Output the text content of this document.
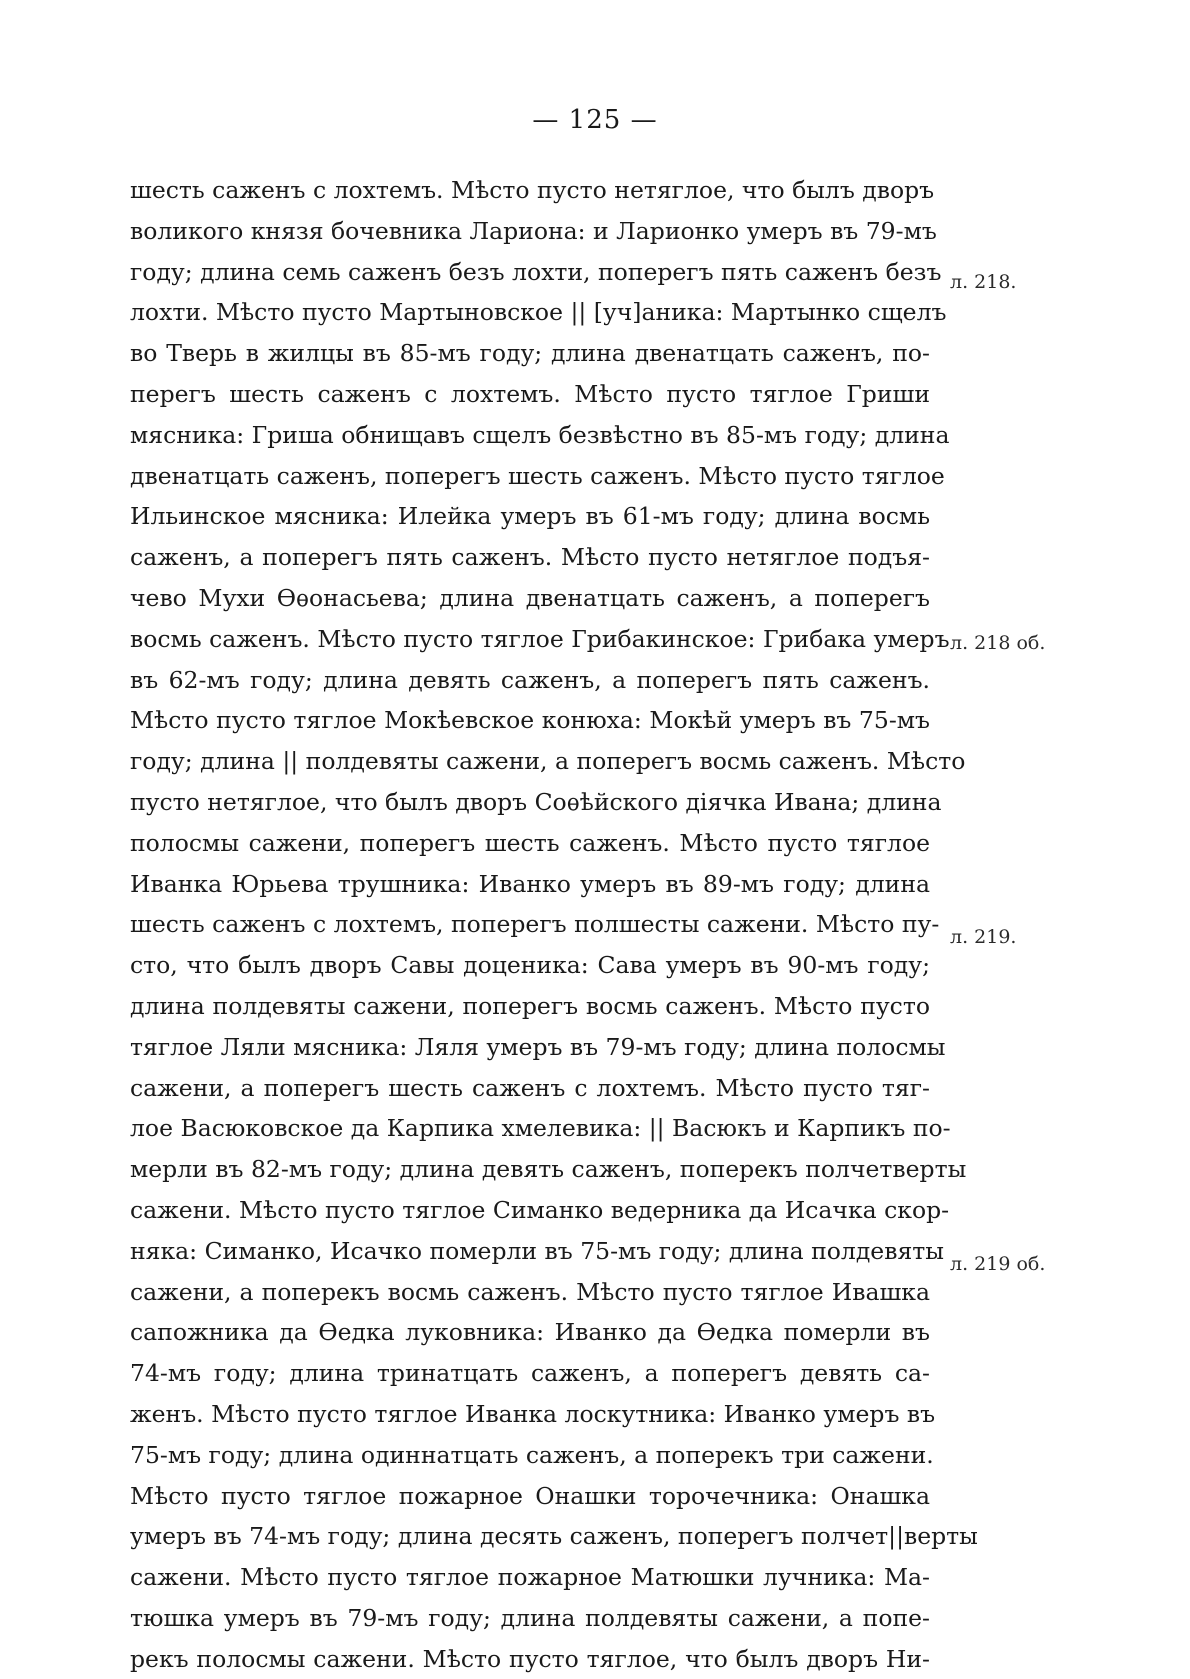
— 125 —
шесть саженъ с лохтемъ. Мѣсто пусто нетяглое, что былъ дворъ
воликого князя бочевника Лариона: и Ларионко умеръ въ 79-мъ
году; длина семь саженъ безъ лохти, поперегъ пять саженъ безъ
лохти. Мѣсто пусто Мартыновское || [уч]аника: Мартынко сщелъ
во Тверь в жилцы въ 85-мъ году; длина двенатцать саженъ, по-
перегъ шесть саженъ с лохтемъ. Мѣсто пусто тяглое Гриши
мясника: Гриша обнищавъ сщелъ безвѣстно въ 85-мъ году; длина
двенатцать саженъ, поперегъ шесть саженъ. Мѣсто пусто тяглое
Ильинское мясника: Илейка умеръ въ 61-мъ году; длина восмь
саженъ, а поперегъ пять саженъ. Мѣсто пусто нетяглое подъя-
чево Мухи Ѳѳонасьева; длина двенатцать саженъ, а поперегъ
восмь саженъ. Мѣсто пусто тяглое Грибакинское: Грибака умеръ
въ 62-мъ году; длина девять саженъ, а поперегъ пять саженъ.
Мѣсто пусто тяглое Мокѣевское конюха: Мокѣй умеръ въ 75-мъ
году; длина || полдевяты сажени, а поперегъ восмь саженъ. Мѣсто
пусто нетяглое, что былъ дворъ Соѳѣйского дiячка Ивана; длина
полосмы сажени, поперегъ шесть саженъ. Мѣсто пусто тяглое
Иванка Юрьева трушника: Иванко умеръ въ 89-мъ году; длина
шесть саженъ с лохтемъ, поперегъ полшесты сажени. Мѣсто пу-
сто, что былъ дворъ Савы доценика: Сава умеръ въ 90-мъ году;
длина полдевяты сажени, поперегъ восмь саженъ. Мѣсто пусто
тяглое Ляли мясника: Ляля умеръ въ 79-мъ году; длина полосмы
сажени, а поперегъ шесть саженъ с лохтемъ. Мѣсто пусто тяг-
лое Васюковское да Карпика хмелевика: || Васюкъ и Карпикъ по-
мерли въ 82-мъ году; длина девять саженъ, поперекъ полчетверты
сажени. Мѣсто пусто тяглое Симанко ведерника да Исачка скор-
няка: Симанко, Исачко померли въ 75-мъ году; длина полдевяты
сажени, а поперекъ восмь саженъ. Мѣсто пусто тяглое Ивашка
сапожника да Ѳедка луковника: Иванко да Ѳедка померли въ
74-мъ году; длина тринатцать саженъ, а поперегъ девять са-
женъ. Мѣсто пусто тяглое Иванка лоскутника: Иванко умеръ въ
75-мъ году; длина одиннатцать саженъ, а поперекъ три сажени.
Мѣсто пусто тяглое пожарное Онашки торочечника: Онашка
умеръ въ 74-мъ году; длина десять саженъ, поперегъ полчет||верты
сажени. Мѣсто пусто тяглое пожарное Матюшки лучника: Ма-
тюшка умеръ въ 79-мъ году; длина полдевяты сажени, а попе-
рекъ полосмы сажени. Мѣсто пусто тяглое, что былъ дворъ Ни-
л. 218.
л. 218 об.
л. 219.
л. 219 об.
